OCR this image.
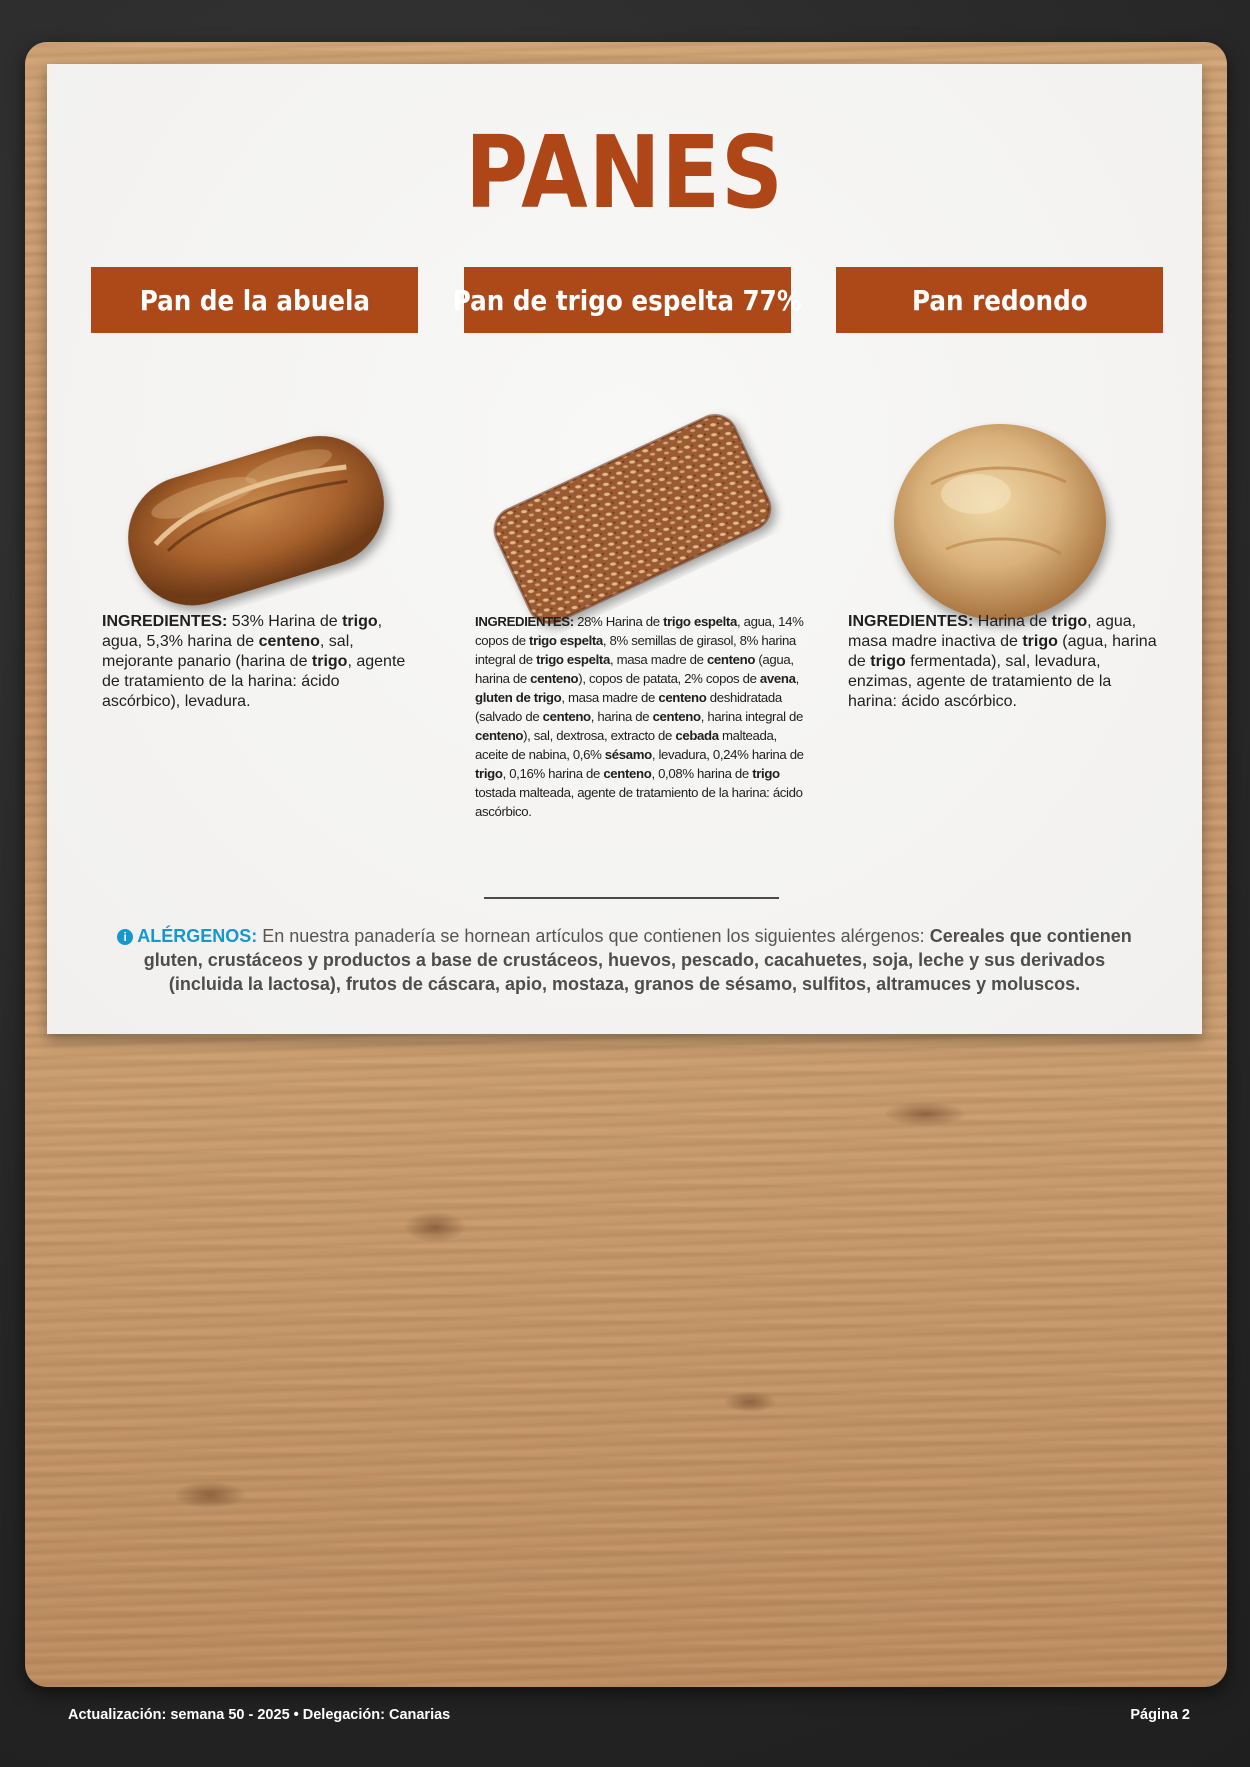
PANES
Pan de la abuela
INGREDIENTES: 53% Harina de trigo, agua, 5,3% harina de centeno, sal, mejorante panario (harina de trigo, agente de tratamiento de la harina: ácido ascórbico), levadura.
Pan de trigo espelta 77%
INGREDIENTES: 28% Harina de trigo espelta, agua, 14% copos de trigo espelta, 8% semillas de girasol, 8% harina integral de trigo espelta, masa madre de centeno (agua, harina de centeno), copos de patata, 2% copos de avena, gluten de trigo, masa madre de centeno deshidratada (salvado de centeno, harina de centeno, harina integral de centeno), sal, dextrosa, extracto de cebada malteada, aceite de nabina, 0,6% sésamo, levadura, 0,24% harina de trigo, 0,16% harina de centeno, 0,08% harina de trigo tostada malteada, agente de tratamiento de la harina: ácido ascórbico.
Pan redondo
INGREDIENTES: Harina de trigo, agua, masa madre inactiva de trigo (agua, harina de trigo fermentada), sal, levadura, enzimas, agente de tratamiento de la harina: ácido ascórbico.
i ALÉRGENOS: En nuestra panadería se hornean artículos que contienen los siguientes alérgenos: Cereales que contienen gluten, crustáceos y productos a base de crustáceos, huevos, pescado, cacahuetes, soja, leche y sus derivados (incluida la lactosa), frutos de cáscara, apio, mostaza, granos de sésamo, sulfitos, altramuces y moluscos.
Actualización: semana 50 - 2025 • Delegación: Canarias	Página 2
